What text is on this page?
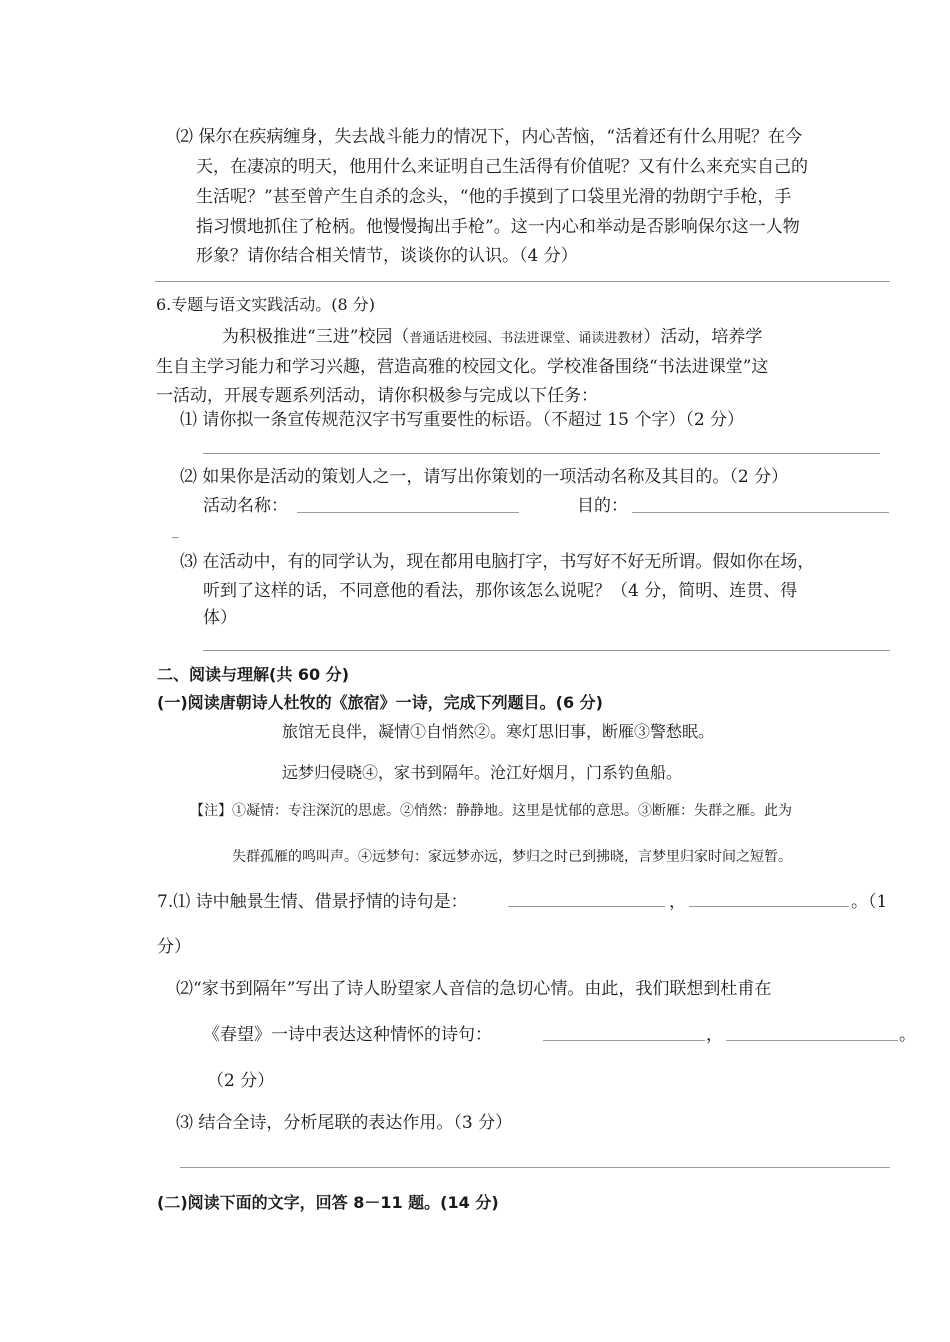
⑵ 保尔在疾病缠身，失去战斗能力的情况下，内心苦恼，“活着还有什么用呢？在今
天，在凄凉的明天，他用什么来证明自己生活得有价值呢？又有什么来充实自己的
生活呢？”甚至曾产生自杀的念头，“他的手摸到了口袋里光滑的勃朗宁手枪，手
指习惯地抓住了枪柄。他慢慢掏出手枪”。这一内心和举动是否影响保尔这一人物
形象？请你结合相关情节，谈谈你的认识。（4 分）
6.专题与语文实践活动。(8 分)
为积极推进“三进”校园（普通话进校园、书法进课堂、诵读进教材）活动，培养学
生自主学习能力和学习兴趣，营造高雅的校园文化。学校准备围绕“书法进课堂”这
一活动，开展专题系列活动，请你积极参与完成以下任务：
⑴ 请你拟一条宣传规范汉字书写重要性的标语。（不超过 15 个字）（2 分）
⑵ 如果你是活动的策划人之一，请写出你策划的一项活动名称及其目的。（2 分）
活动名称：	目的：
_
⑶ 在活动中，有的同学认为，现在都用电脑打字，书写好不好无所谓。假如你在场，
听到了这样的话，不同意他的看法，那你该怎么说呢？（4 分，简明、连贯、得
体）
二、阅读与理解(共 60 分)
(一)阅读唐朝诗人杜牧的《旅宿》一诗，完成下列题目。(6 分)
旅馆无良伴，凝情①自悄然②。寒灯思旧事，断雁③警愁眠。
远梦归侵晓④，家书到隔年。沧江好烟月，门系钓鱼船。
【注】①凝情：专注深沉的思虑。②悄然：静静地。这里是忧郁的意思。③断雁：失群之雁。此为
失群孤雁的鸣叫声。④远梦句：家远梦亦远，梦归之时已到拂晓，言梦里归家时间之短暂。
7.⑴ 诗中触景生情、借景抒情的诗句是：	，	。（1
分）
⑵“家书到隔年”写出了诗人盼望家人音信的急切心情。由此，我们联想到杜甫在
《春望》一诗中表达这种情怀的诗句：	，	。
（2 分）
⑶ 结合全诗，分析尾联的表达作用。（3 分）
(二)阅读下面的文字，回答 8－11 题。(14 分)
